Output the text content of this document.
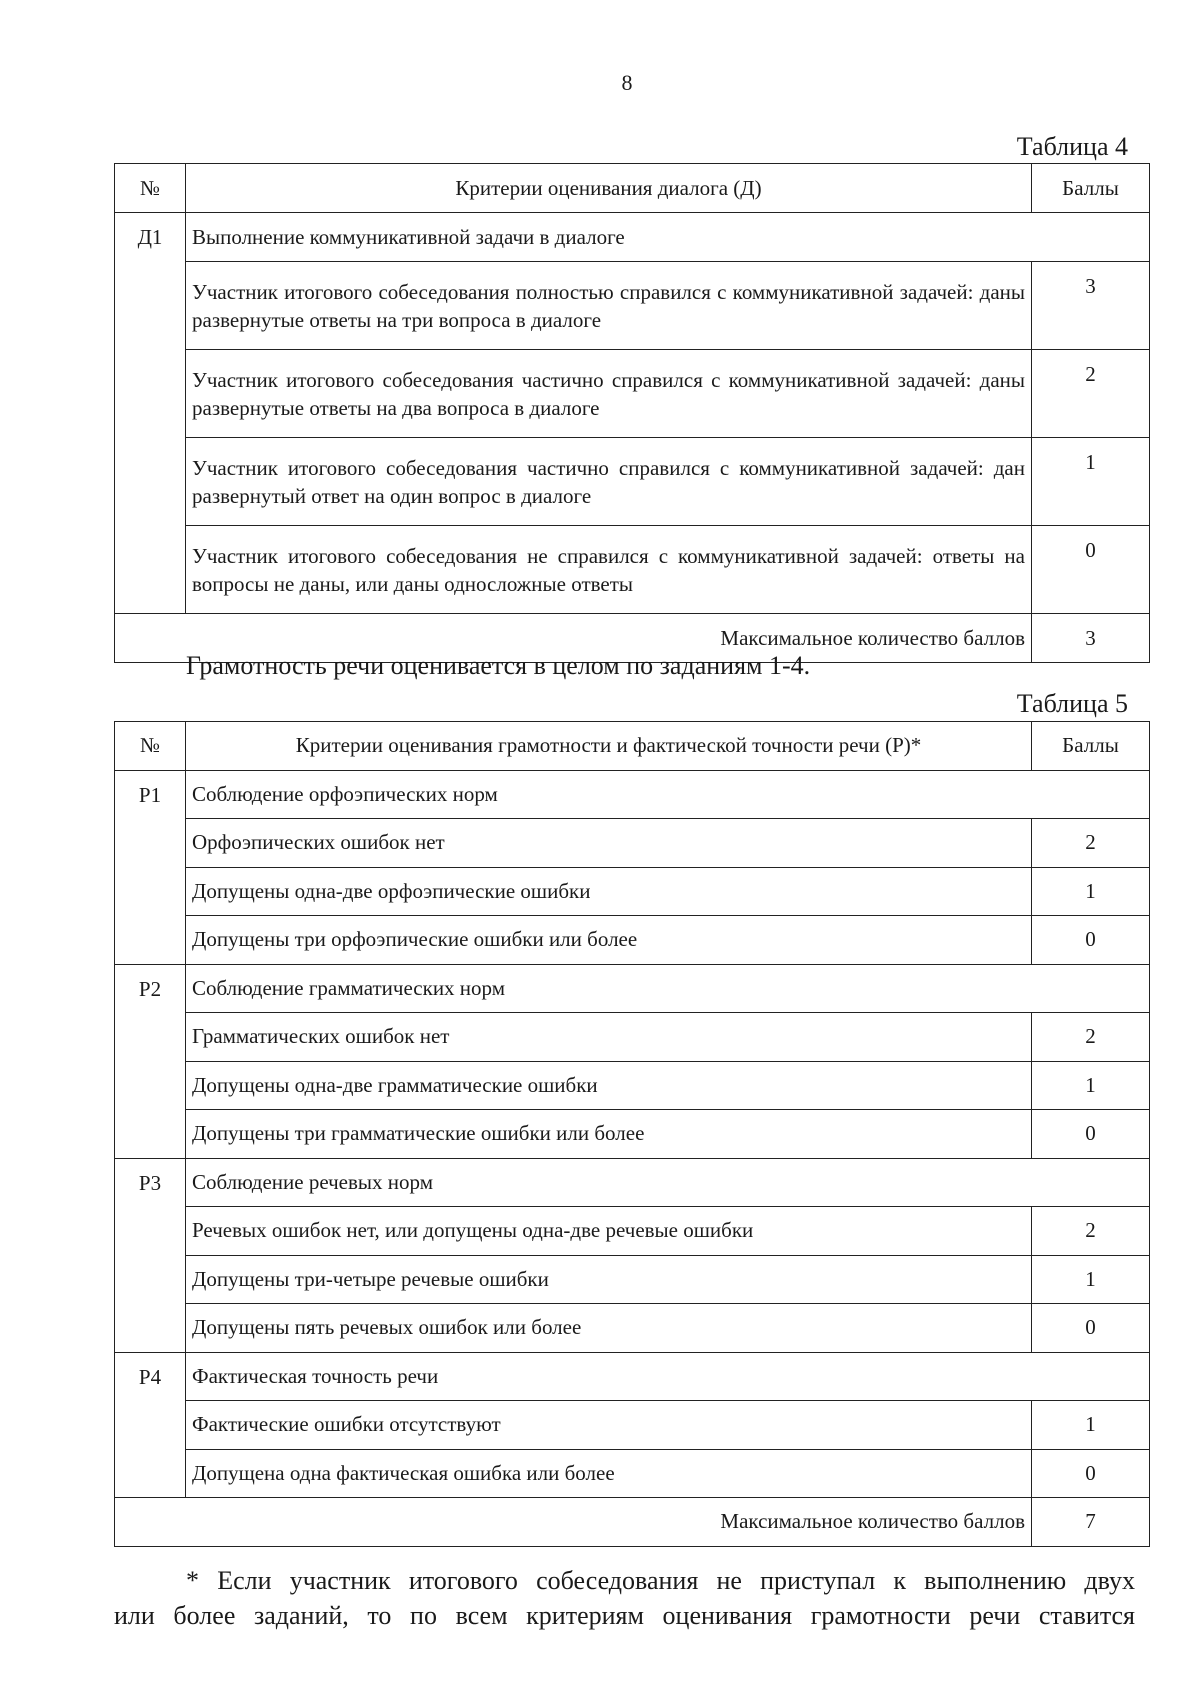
8
Таблица 4
№	Критерии оценивания диалога (Д)	Баллы
Д1	Выполнение коммуникативной задачи в диалоге	
	Участник итогового собеседования полностью справился с коммуникативной задачей: даны развернутые ответы на три вопроса в диалоге	3
	Участник итогового собеседования частично справился с коммуникативной задачей: даны развернутые ответы на два вопроса в диалоге	2
	Участник итогового собеседования частично справился с коммуникативной задачей: дан развернутый ответ на один вопрос в диалоге	1
	Участник итогового собеседования не справился с коммуникативной задачей: ответы на вопросы не даны, или даны односложные ответы	0
Максимальное количество баллов		3
Грамотность речи оценивается в целом по заданиям 1-4.
Таблица 5
№	Критерии оценивания грамотности и фактической точности речи (Р)*	Баллы
Р1	Соблюдение орфоэпических норм	
	Орфоэпических ошибок нет	2
	Допущены одна-две орфоэпические ошибки	1
	Допущены три орфоэпические ошибки или более	0
Р2	Соблюдение грамматических норм	
	Грамматических ошибок нет	2
	Допущены одна-две грамматические ошибки	1
	Допущены три грамматические ошибки или более	0
Р3	Соблюдение речевых норм	
	Речевых ошибок нет, или допущены одна-две речевые ошибки	2
	Допущены три-четыре речевые ошибки	1
	Допущены пять речевых ошибок или более	0
Р4	Фактическая точность речи	
	Фактические ошибки отсутствуют	1
	Допущена одна фактическая ошибка или более	0
Максимальное количество баллов		7
* Если участник итогового собеседования не приступал к выполнению двух
или более заданий, то по всем критериям оценивания грамотности речи ставится
